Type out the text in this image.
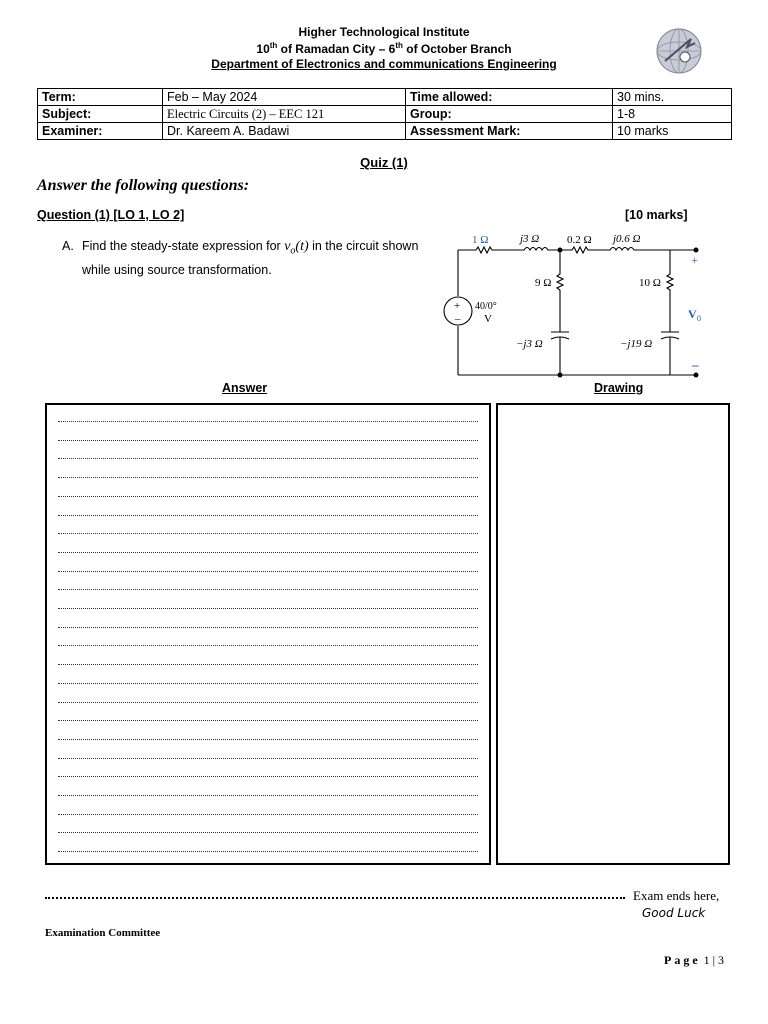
Higher Technological Institute
10th of Ramadan City – 6th of October Branch
Department of Electronics and communications Engineering
Term:	Feb – May 2024	Time allowed:	30 mins.
Subject:	Electric Circuits (2) – EEC 121	Group:	1-8
Examiner:	Dr. Kareem A. Badawi	Assessment Mark:	10 marks
Quiz (1)
Answer the following questions:
Question (1) [LO 1, LO 2]	[10 marks]
A. Find the steady-state expression for $v_o(t)$ in the circuit shown while using source transformation.
+
–
40/0°
V
1 Ω	j3 Ω	0.2 Ω j0.6 Ω
9 Ω	10 Ω
−j3 Ω	−j19 Ω
+
V 0
–
Answer	Drawing
Exam ends here,
Good Luck
Examination Committee
Page 1 | 3
